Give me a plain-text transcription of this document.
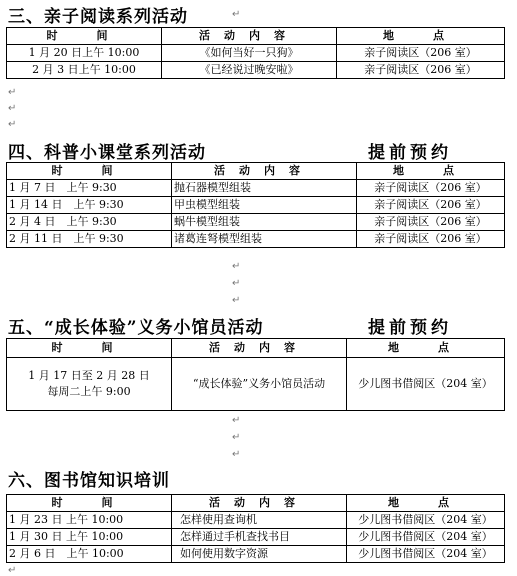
三、亲子阅读系列活动
时　间	活动内容	地　点
1 月 20 日上午 10:00	《如何当好一只狗》	亲子阅读区（206 室）
2 月 3 日上午 10:00	《已经说过晚安啦》	亲子阅读区（206 室）
四、科普小课堂系列活动	提前预约
时　间	活动内容	地　点
1 月 7 日　上午 9:30	抛石器模型组装	亲子阅读区（206 室）
1 月 14 日　上午 9:30	甲虫模型组装	亲子阅读区（206 室）
2 月 4 日　上午 9:30	蜗牛模型组装	亲子阅读区（206 室）
2 月 11 日　上午 9:30	诸葛连弩模型组装	亲子阅读区（206 室）
五、“成长体验”义务小馆员活动	提前预约
时　间	活动内容	地　点

1 月 17 日至 2 月 28 日
每周二上午 9:00	“成长体验”义务小馆员活动	少儿图书借阅区（204 室）
六、图书馆知识培训
时　间	活动内容	地　点
1 月 23 日 上午 10:00	怎样使用查询机	少儿图书借阅区（204 室）
1 月 30 日 上午 10:00	怎样通过手机查找书目	少儿图书借阅区（204 室）
2 月 6 日　上午 10:00	如何使用数字资源	少儿图书借阅区（204 室）
↵
↵
↵
↵
↵
↵
↵
↵
↵
↵
↵
